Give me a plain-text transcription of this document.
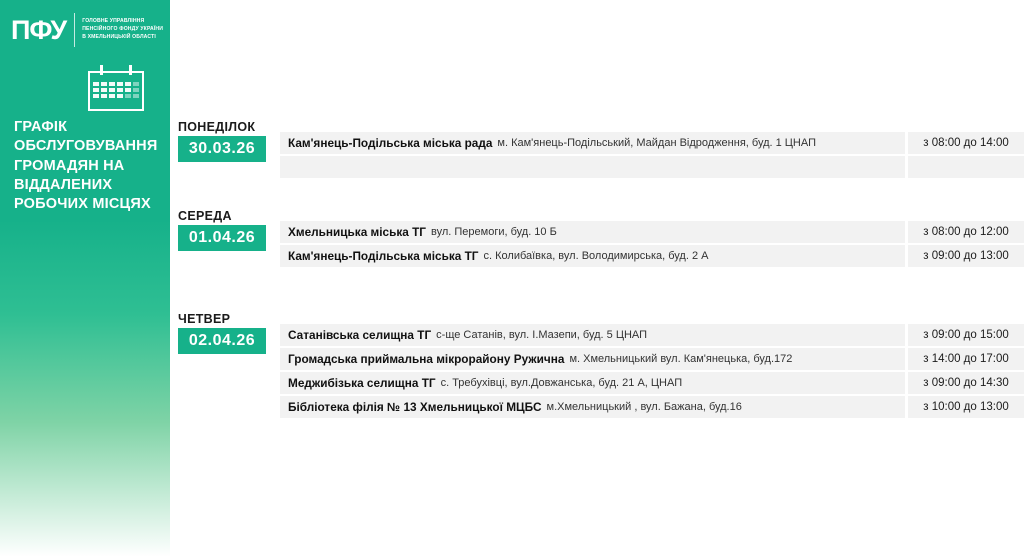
ПФУ	ГОЛОВНЕ УПРАВЛІННЯ
ПЕНСІЙНОГО ФОНДУ УКРАЇНИ
В ХМЕЛЬНИЦЬКІЙ ОБЛАСТІ
ГРАФІК ОБСЛУГОВУВАННЯ ГРОМАДЯН НА ВІДДАЛЕНИХ РОБОЧИХ МІСЦЯХ
ПОНЕДІЛОК
30.03.26	Кам'янець-Подільська міська рада м. Кам'янець-Подільський, Майдан Відродження, буд. 1 ЦНАП	з 08:00 до 14:00
СЕРЕДА
01.04.26	Хмельницька міська ТГ вул. Перемоги, буд. 10 Б	з 08:00 до 12:00
Кам'янець-Подільська міська ТГ с. Колибаївка, вул. Володимирська, буд. 2 А	з 09:00 до 13:00
ЧЕТВЕР
02.04.26	Сатанівська селищна ТГ с-ще Сатанів, вул. І.Мазепи, буд. 5 ЦНАП	з 09:00 до 15:00
Громадська приймальна мікрорайону Ружична м. Хмельницький вул. Кам'янецька, буд.172	з 14:00 до 17:00
Меджибізька селищна ТГ с. Требухівці, вул.Довжанська, буд. 21 А, ЦНАП	з 09:00 до 14:30
Бібліотека філія № 13 Хмельницької МЦБС м.Хмельницький , вул. Бажана, буд.16	з 10:00 до 13:00
